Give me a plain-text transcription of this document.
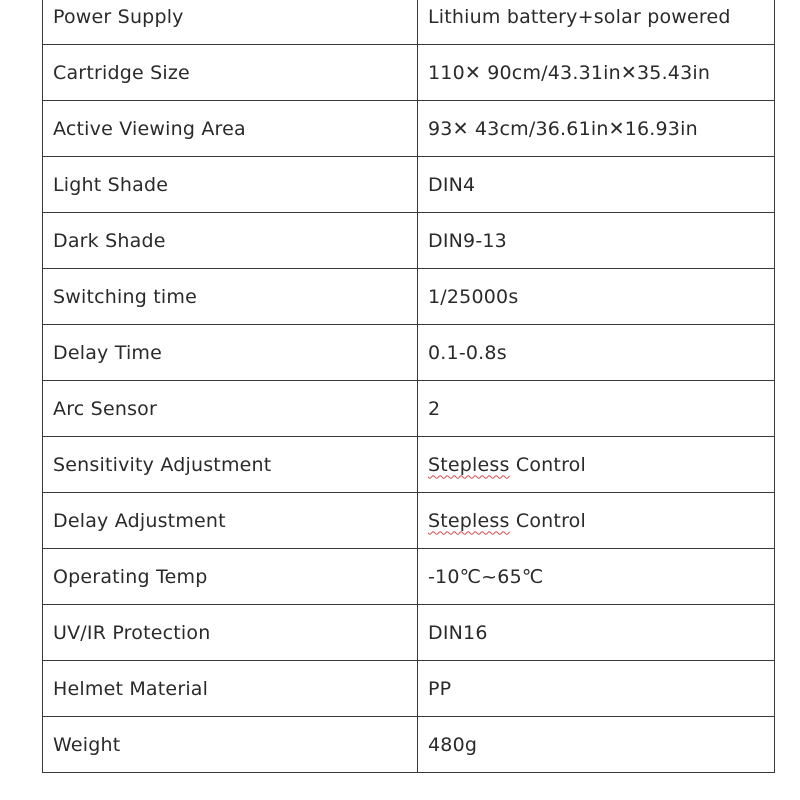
Power Supply	Lithium battery+solar powered
Cartridge Size	110✕ 90cm/43.31in✕35.43in
Active Viewing Area	93✕ 43cm/36.61in✕16.93in
Light Shade	DIN4
Dark Shade	DIN9-13
Switching time	1/25000s
Delay Time	0.1-0.8s
Arc Sensor	2
Sensitivity Adjustment	Stepless Control
Delay Adjustment	Stepless Control
Operating Temp	-10℃~65℃
UV/IR Protection	DIN16
Helmet Material	PP
Weight	480g
